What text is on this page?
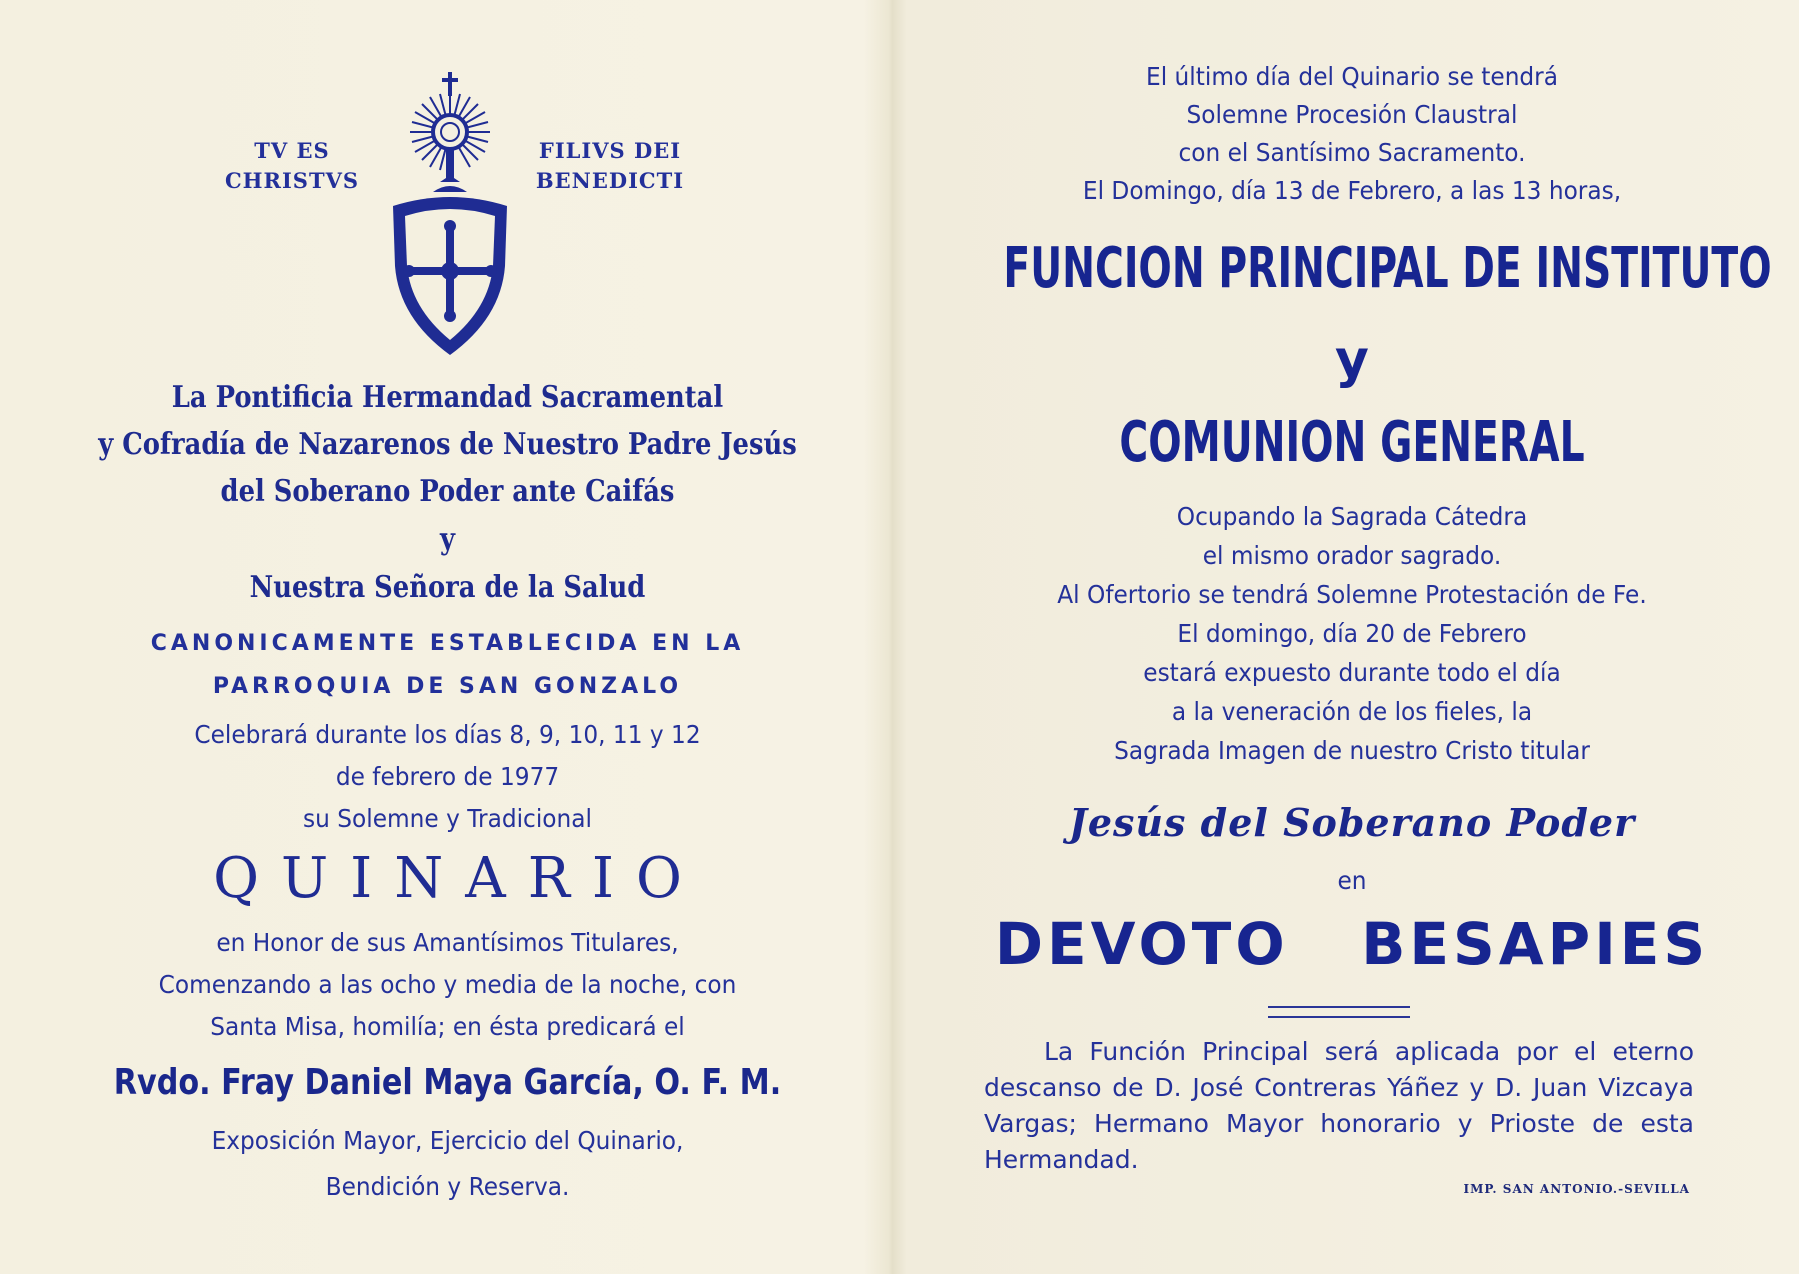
TV ES
CHRISTVS
FILIVS DEI
BENEDICTI
La Pontificia Hermandad Sacramental
y Cofradía de Nazarenos de Nuestro Padre Jesús
del Soberano Poder ante Caifás
y
Nuestra Señora de la Salud
CANONICAMENTE ESTABLECIDA EN LA
PARROQUIA DE SAN GONZALO
Celebrará durante los días 8, 9, 10, 11 y 12
de febrero de 1977
su Solemne y Tradicional
QUINARIO
en Honor de sus Amantísimos Titulares,
Comenzando a las ocho y media de la noche, con
Santa Misa, homilía; en ésta predicará el
Rvdo. Fray Daniel Maya García, O. F. M.
Exposición Mayor, Ejercicio del Quinario,
Bendición y Reserva.
El último día del Quinario se tendrá
Solemne Procesión Claustral
con el Santísimo Sacramento.
El Domingo, día 13 de Febrero, a las 13 horas,
FUNCION PRINCIPAL DE INSTITUTO
y
COMUNION GENERAL
Ocupando la Sagrada Cátedra
el mismo orador sagrado.
Al Ofertorio se tendrá Solemne Protestación de Fe.
El domingo, día 20 de Febrero
estará expuesto durante todo el día
a la veneración de los fieles, la
Sagrada Imagen de nuestro Cristo titular
Jesús del Soberano Poder
en
DEVOTO   BESAPIES

La Función Principal será aplicada por el eterno descanso de D. José Contreras Yáñez y D. Juan Vizcaya Vargas; Hermano Mayor honorario y Prioste de esta Hermandad.

IMP. SAN ANTONIO.-SEVILLA
